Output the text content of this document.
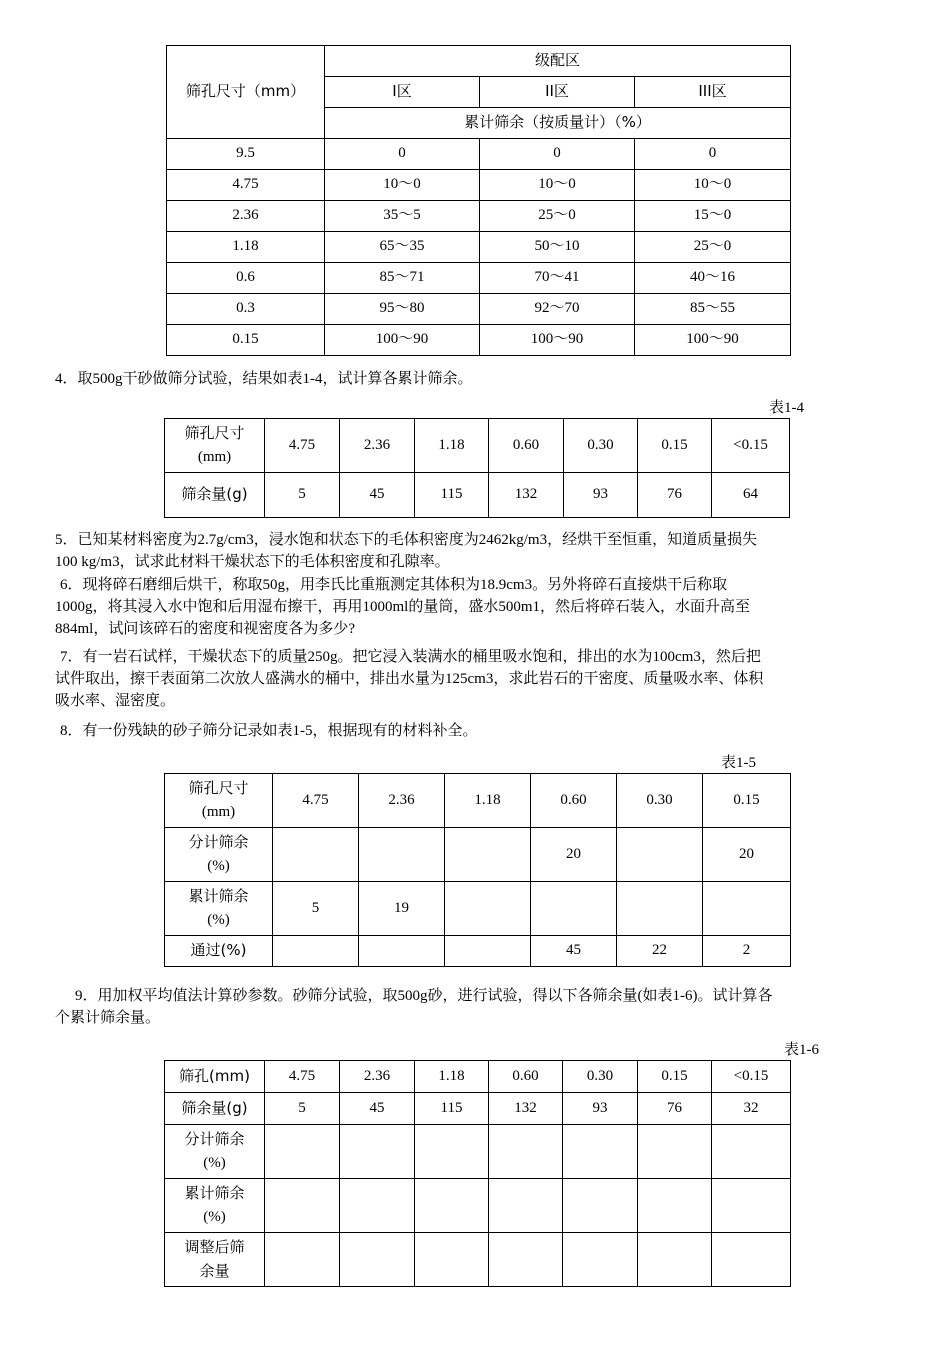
筛孔尺寸（mm）	级配区		
	I区	II区	III区
	累计筛余（按质量计）（%）		
9.5	0	0	0
4.75	10～0	10～0	10～0
2.36	35～5	25～0	15～0
1.18	65～35	50～10	25～0
0.6	85～71	70～41	40～16
0.3	95～80	92～70	85～55
0.15	100～90	100～90	100～90
4．取500g干砂做筛分试验，结果如表1-4，试计算各累计筛余。
表1-4
筛孔尺寸
(mm)	4.75	2.36	1.18	0.60	0.30	0.15	<0.15
筛余量(g)	5	45	115	132	93	76	64
5．已知某材料密度为2.7g/cm3，浸水饱和状态下的毛体积密度为2462kg/m3，经烘干至恒重，知道质量损失
100 kg/m3，试求此材料干燥状态下的毛体积密度和孔隙率。
6．现将碎石磨细后烘干，称取50g，用李氏比重瓶测定其体积为18.9cm3。另外将碎石直接烘干后称取
1000g，将其浸入水中饱和后用湿布擦干，再用1000ml的量筒，盛水500m1，然后将碎石装入，水面升高至
884ml，试问该碎石的密度和视密度各为多少?
7．有一岩石试样，干燥状态下的质量250g。把它浸入装满水的桶里吸水饱和，排出的水为100cm3，然后把
试件取出，擦干表面第二次放人盛满水的桶中，排出水量为125cm3，求此岩石的干密度、质量吸水率、体积
吸水率、湿密度。
8．有一份残缺的砂子筛分记录如表1-5，根据现有的材料补全。
表1-5
筛孔尺寸
(mm)	4.75	2.36	1.18	0.60	0.30	0.15

分计筛余
(%)				20		20

累计筛余
(%)	5	19				
通过(%)				45	22	2
9．用加权平均值法计算砂参数。砂筛分试验，取500g砂，进行试验，得以下各筛余量(如表1-6)。试计算各
个累计筛余量。
表1-6
筛孔(mm)	4.75	2.36	1.18	0.60	0.30	0.15	<0.15
筛余量(g)	5	45	115	132	93	76	32

分计筛余
(%)							

累计筛余
(%)							

调整后筛
余量							
